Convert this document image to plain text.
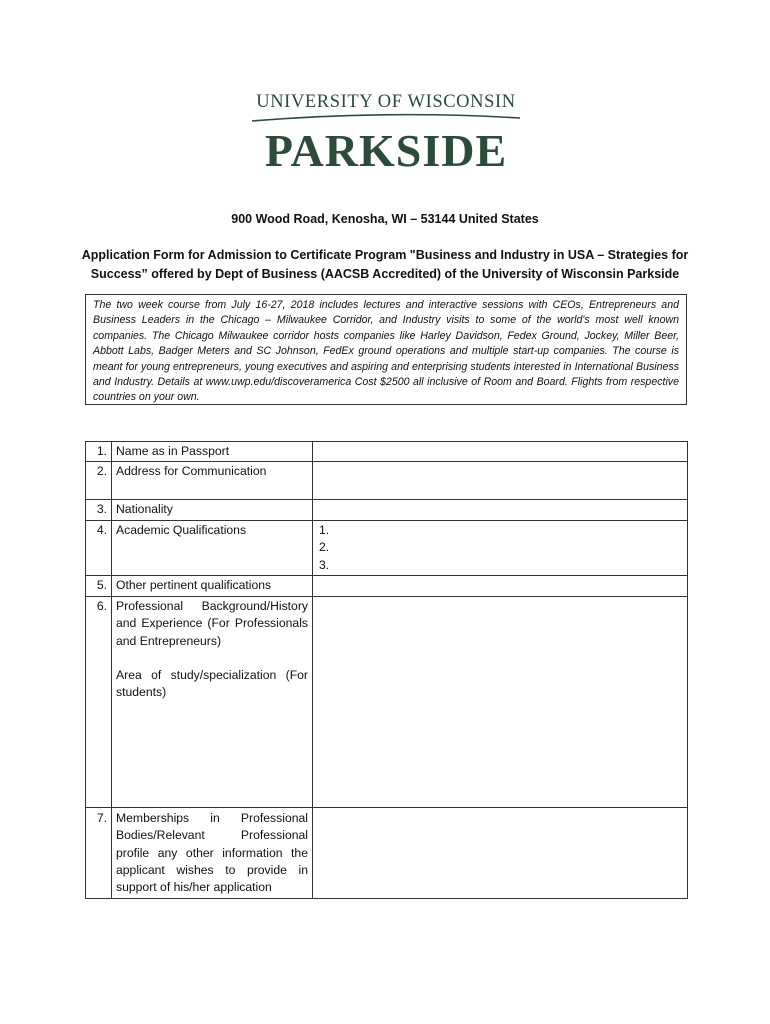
UNIVERSITY OF WISCONSIN
PARKSIDE
900 Wood Road, Kenosha, WI – 53144 United States
Application Form for Admission to Certificate Program "Business and Industry in USA – Strategies for
Success” offered by Dept of Business (AACSB Accredited) of the University of Wisconsin Parkside
The two week course from July 16-27, 2018 includes lectures and interactive sessions with CEOs, Entrepreneurs and Business Leaders in the Chicago – Milwaukee Corridor, and Industry visits to some of the world's most well known companies. The Chicago Milwaukee corridor hosts companies like Harley Davidson, Fedex Ground, Jockey, Miller Beer, Abbott Labs, Badger Meters and SC Johnson, FedEx ground operations and multiple start-up companies. The course is meant for young entrepreneurs, young executives and aspiring and enterprising students interested in International Business and Industry. Details at www.uwp.edu/discoveramerica Cost $2500 all inclusive of Room and Board. Flights from respective countries on your own.
1.	Name as in Passport	
2.	Address for Communication	
3.	Nationality	
4.	Academic Qualifications	1.
2.
3.

5.	Other pertinent qualifications	
6.	Professional Background/History and Experience (For Professionals and Entrepreneurs)
Area of study/specialization (For students)	

7.	Memberships in Professional Bodies/Relevant Professional profile any other information the applicant wishes to provide in support of his/her application	
